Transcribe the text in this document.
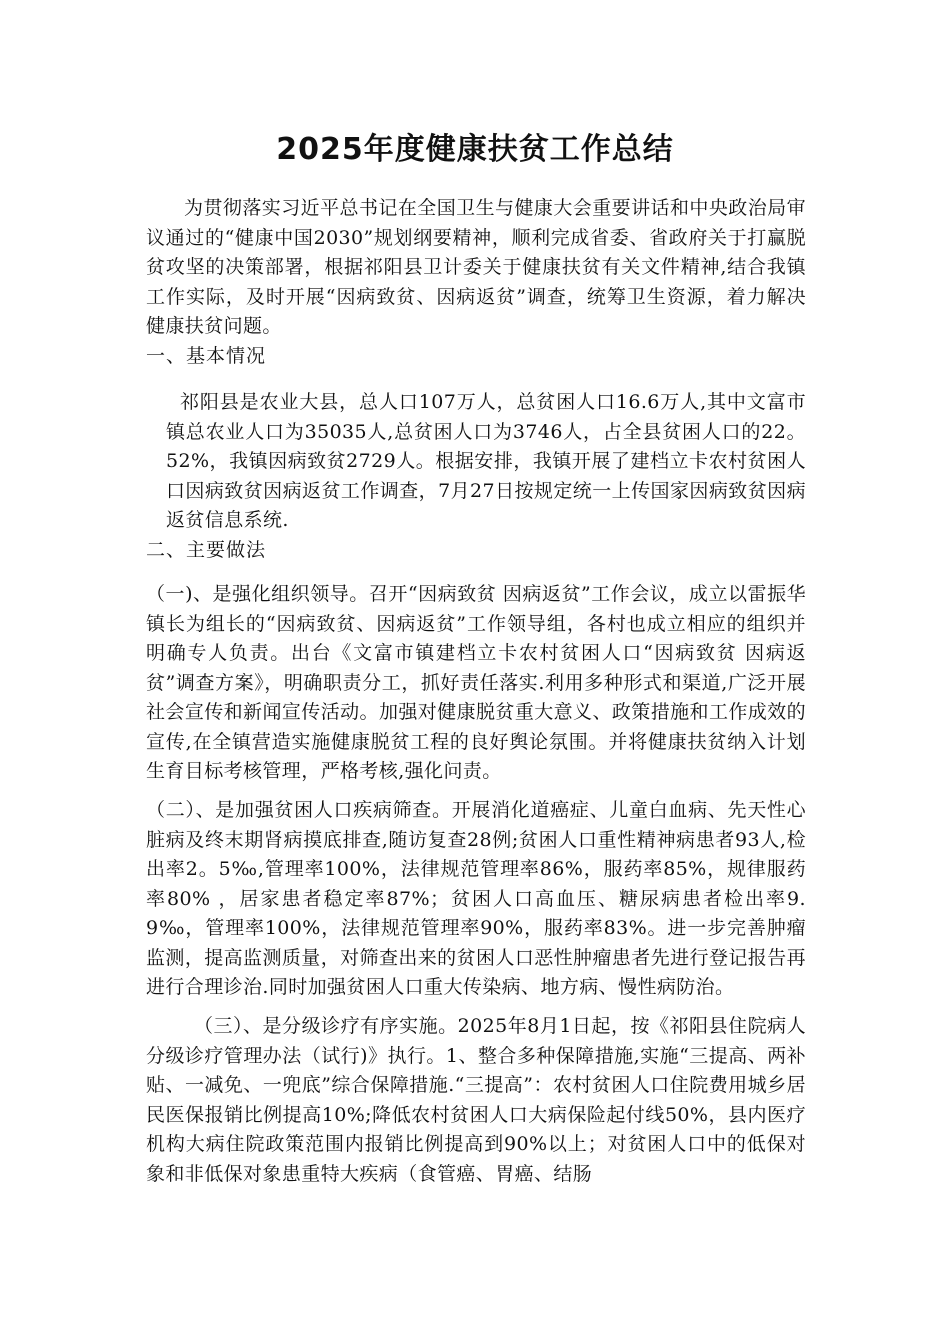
2025年度健康扶贫工作总结
为贯彻落实习近平总书记在全国卫生与健康大会重要讲话和中央政治局审议通过的“健康中国2030”规划纲要精神，顺利完成省委、省政府关于打赢脱贫攻坚的决策部署，根据祁阳县卫计委关于健康扶贫有关文件精神,结合我镇工作实际，及时开展“因病致贫、因病返贫”调查，统筹卫生资源，着力解决健康扶贫问题。
一、基本情况
祁阳县是农业大县，总人口107万人，总贫困人口16.6万人,其中文富市镇总农业人口为35035人,总贫困人口为3746人，占全县贫困人口的22。52%，我镇因病致贫2729人。根据安排，我镇开展了建档立卡农村贫困人口因病致贫因病返贫工作调查，7月27日按规定统一上传国家因病致贫因病返贫信息系统.
二、主要做法
（一)、是强化组织领导。召开“因病致贫 因病返贫”工作会议，成立以雷振华镇长为组长的“因病致贫、因病返贫”工作领导组，各村也成立相应的组织并明确专人负责。出台《文富市镇建档立卡农村贫困人口“因病致贫 因病返贫”调查方案》，明确职责分工，抓好责任落实.利用多种形式和渠道,广泛开展社会宣传和新闻宣传活动。加强对健康脱贫重大意义、政策措施和工作成效的宣传,在全镇营造实施健康脱贫工程的良好舆论氛围。并将健康扶贫纳入计划生育目标考核管理，严格考核,强化问责。
（二）、是加强贫困人口疾病筛查。开展消化道癌症、儿童白血病、先天性心脏病及终末期肾病摸底排查,随访复查28例;贫困人口重性精神病患者93人,检出率2。5‰,管理率100%，法律规范管理率86%，服药率85%，规律服药率80% ，居家患者稳定率87%；贫困人口高血压、糖尿病患者检出率9.9‰，管理率100%，法律规范管理率90%，服药率83%。进一步完善肿瘤监测，提高监测质量，对筛查出来的贫困人口恶性肿瘤患者先进行登记报告再进行合理诊治.同时加强贫困人口重大传染病、地方病、慢性病防治。
（三）、是分级诊疗有序实施。2025年8月1日起，按《祁阳县住院病人分级诊疗管理办法（试行)》执行。1、整合多种保障措施,实施“三提高、两补贴、一减免、一兜底”综合保障措施.“三提高”：农村贫困人口住院费用城乡居民医保报销比例提高10%;降低农村贫困人口大病保险起付线50%，县内医疗机构大病住院政策范围内报销比例提高到90%以上；对贫困人口中的低保对象和非低保对象患重特大疾病（食管癌、胃癌、结肠
